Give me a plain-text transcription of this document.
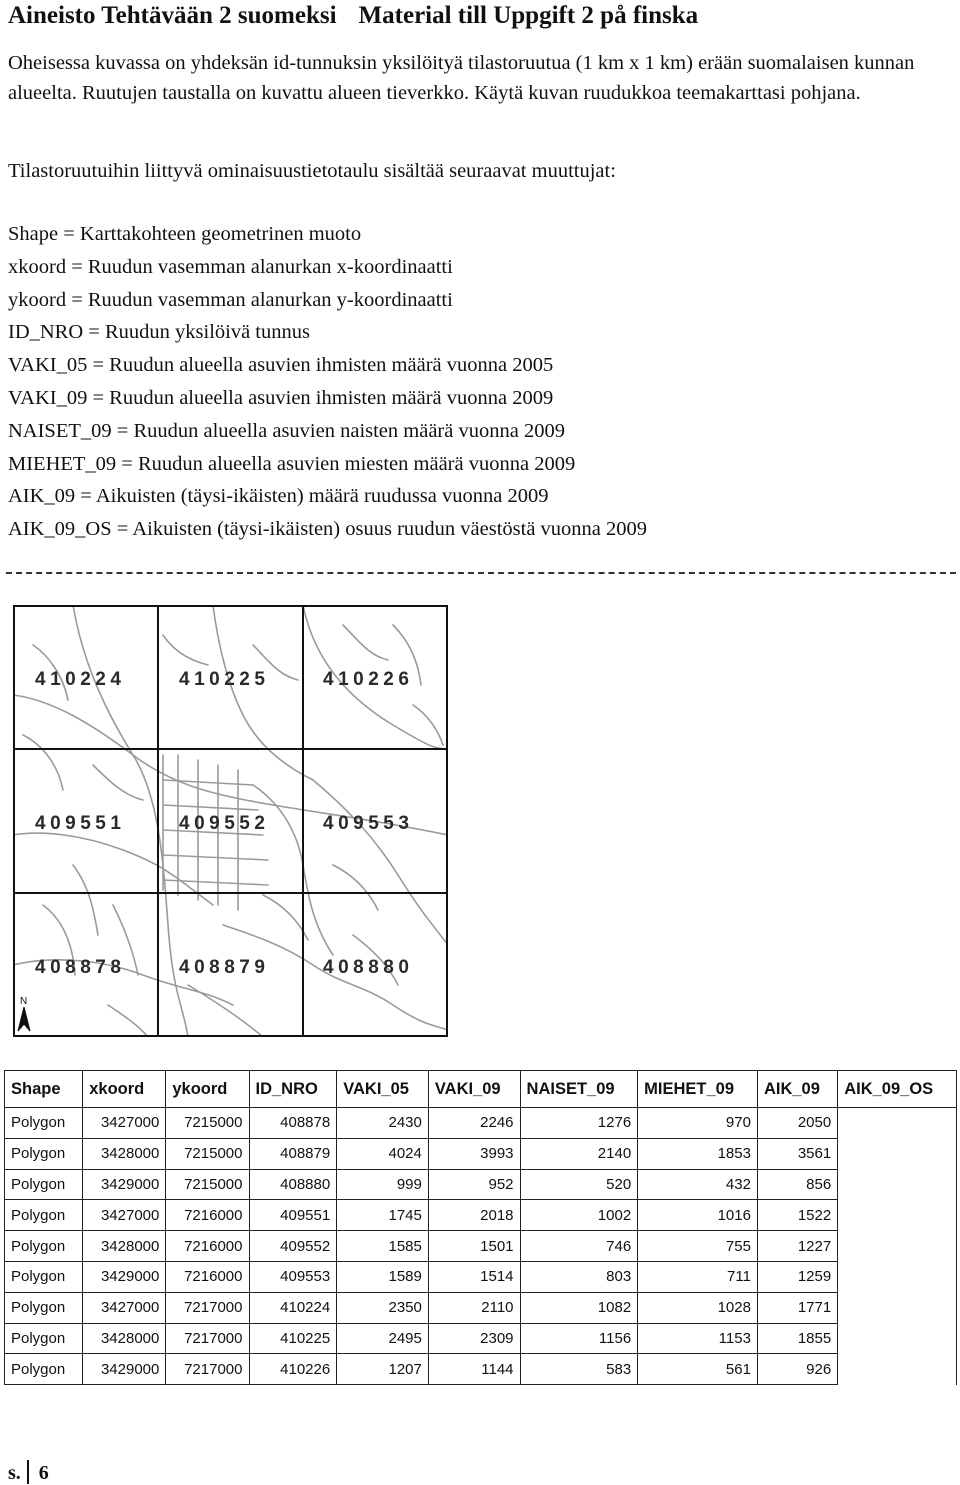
Aineisto Tehtävään 2 suomeksi Material till Uppgift 2 på finska

Oheisessa kuvassa on yhdeksän id-tunnuksin yksilöityä tilastoruutua (1 km x 1 km) erään suomalaisen kunnan alueelta. Ruutujen taustalla on kuvattu alueen tieverkko. Käytä kuvan ruudukkoa teemakarttasi pohjana.

Tilastoruutuihin liittyvä ominaisuustietotaulu sisältää seuraavat muuttujat:
Shape = Karttakohteen geometrinen muoto
xkoord = Ruudun vasemman alanurkan x-koordinaatti
ykoord = Ruudun vasemman alanurkan y-koordinaatti
ID_NRO = Ruudun yksilöivä tunnus
VAKI_05 = Ruudun alueella asuvien ihmisten määrä vuonna 2005
VAKI_09 = Ruudun alueella asuvien ihmisten määrä vuonna 2009
NAISET_09 = Ruudun alueella asuvien naisten määrä vuonna 2009
MIEHET_09 = Ruudun alueella asuvien miesten määrä vuonna 2009
AIK_09 = Aikuisten (täysi-ikäisten) määrä ruudussa vuonna 2009
AIK_09_OS = Aikuisten (täysi-ikäisten) osuus ruudun väestöstä vuonna 2009
410224	410225	410226
409551	409552	409553
408878	408879	408880
N
Shape	xkoord	ykoord	ID_NRO	VAKI_05	VAKI_09	NAISET_09	MIEHET_09	AIK_09	AIK_09_OS
Polygon	3427000	7215000	408878	2430	2246	1276	970	2050	
Polygon	3428000	7215000	408879	4024	3993	2140	1853	3561	
Polygon	3429000	7215000	408880	999	952	520	432	856	
Polygon	3427000	7216000	409551	1745	2018	1002	1016	1522	
Polygon	3428000	7216000	409552	1585	1501	746	755	1227	
Polygon	3429000	7216000	409553	1589	1514	803	711	1259	
Polygon	3427000	7217000	410224	2350	2110	1082	1028	1771	
Polygon	3428000	7217000	410225	2495	2309	1156	1153	1855	
Polygon	3429000	7217000	410226	1207	1144	583	561	926	
s. 6
